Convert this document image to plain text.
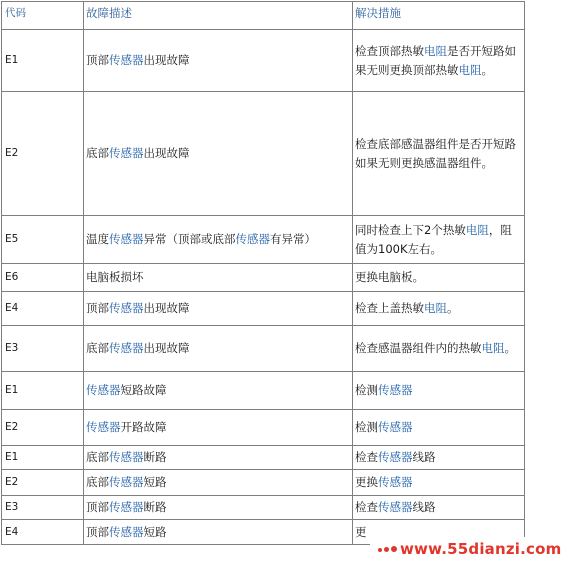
代码	故障描述	解决措施
E1	顶部传感器出现故障	检查顶部热敏电阻是否开短路如果无则更换顶部热敏电阻。
E2	底部传感器出现故障	检查底部感温器组件是否开短路如果无则更换感温器组件。
E5	温度传感器异常（顶部或底部传感器有异常）	同时检查上下2个热敏电阻，阻值为100K左右。
E6	电脑板损坏	更换电脑板。
E4	顶部传感器出现故障	检查上盖热敏电阻。
E3	底部传感器出现故障	检查感温器组件内的热敏电阻。
E1	传感器短路故障	检测传感器
E2	传感器开路故障	检测传感器
E1	底部传感器断路	检查传感器线路
E2	底部传感器短路	更换传感器
E3	顶部传感器断路	检查传感器线路
E4	顶部传感器短路	更
www.55dianzi.com
